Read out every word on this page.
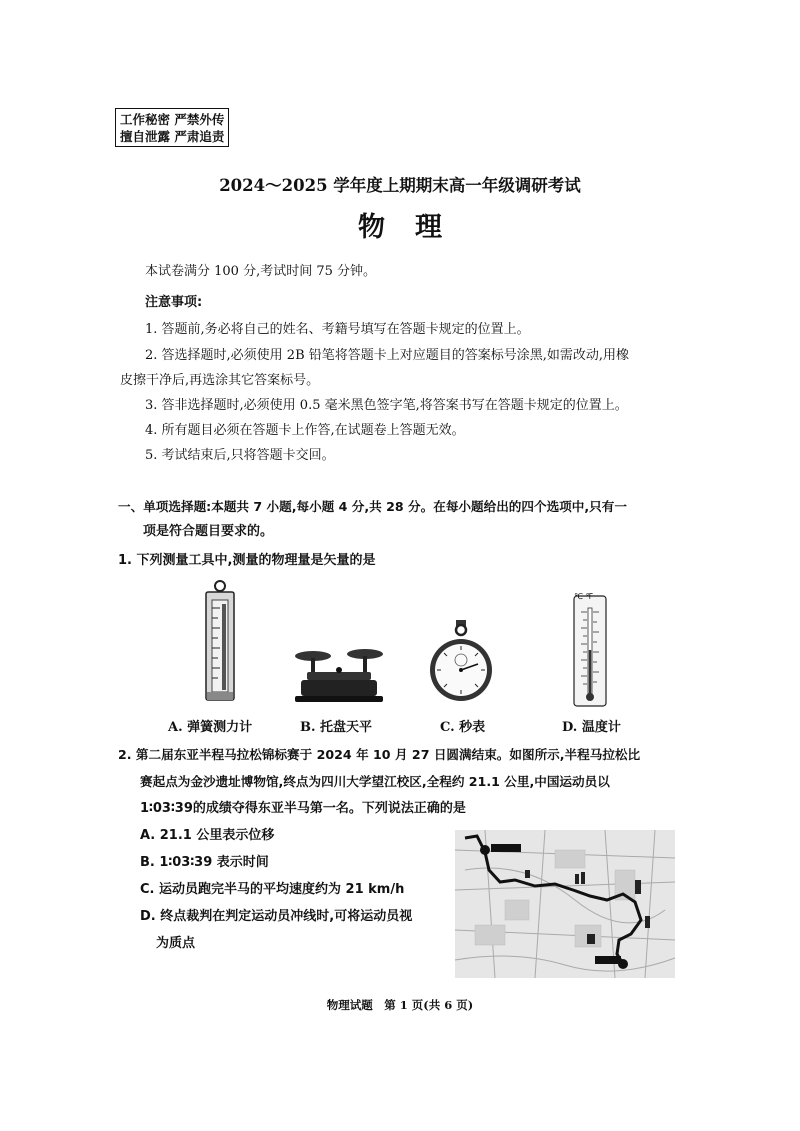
工作秘密 严禁外传
擅自泄露 严肃追责
2024～2025 学年度上期期末高一年级调研考试
物理
本试卷满分 100 分,考试时间 75 分钟。
注意事项:
1. 答题前,务必将自己的姓名、考籍号填写在答题卡规定的位置上。
2. 答选择题时,必须使用 2B 铅笔将答题卡上对应题目的答案标号涂黑,如需改动,用橡
皮擦干净后,再选涂其它答案标号。
3. 答非选择题时,必须使用 0.5 毫米黑色签字笔,将答案书写在答题卡规定的位置上。
4. 所有题目必须在答题卡上作答,在试题卷上答题无效。
5. 考试结束后,只将答题卡交回。
一、单项选择题:本题共 7 小题,每小题 4 分,共 28 分。在每小题给出的四个选项中,只有一
项是符合题目要求的。
1. 下列测量工具中,测量的物理量是矢量的是
℃ ℉
A. 弹簧测力计	B. 托盘天平	C. 秒表	D. 温度计
2. 第二届东亚半程马拉松锦标赛于 2024 年 10 月 27 日圆满结束。如图所示,半程马拉松比
赛起点为金沙遗址博物馆,终点为四川大学望江校区,全程约 21.1 公里,中国运动员以
1∶03∶39的成绩夺得东亚半马第一名。下列说法正确的是
A. 21.1 公里表示位移
B. 1∶03∶39 表示时间
C. 运动员跑完半马的平均速度约为 21 km/h
D. 终点裁判在判定运动员冲线时,可将运动员视
为质点
物理试题　第 1 页(共 6 页)
